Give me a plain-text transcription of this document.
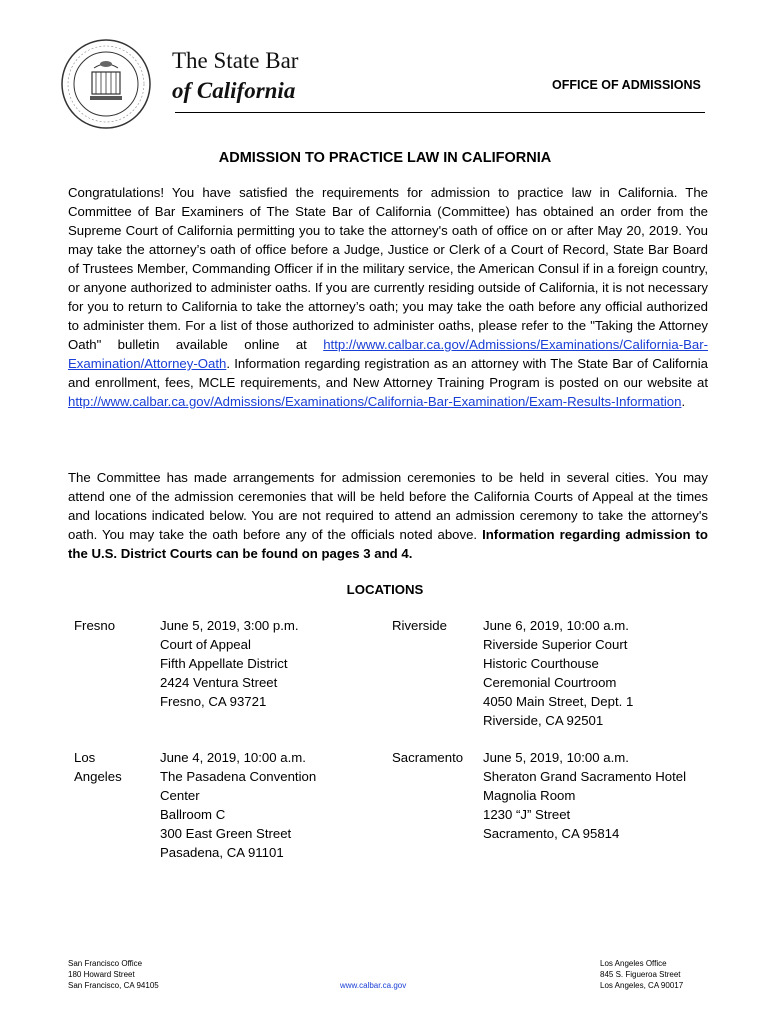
The State Bar
of California	OFFICE OF ADMISSIONS
ADMISSION TO PRACTICE LAW IN CALIFORNIA
Congratulations! You have satisfied the requirements for admission to practice law in California. The Committee of Bar Examiners of The State Bar of California (Committee) has obtained an order from the Supreme Court of California permitting you to take the attorney's oath of office on or after May 20, 2019. You may take the attorney’s oath of office before a Judge, Justice or Clerk of a Court of Record, State Bar Board of Trustees Member, Commanding Officer if in the military service, the American Consul if in a foreign country, or anyone authorized to administer oaths. If you are currently residing outside of California, it is not necessary for you to return to California to take the attorney’s oath; you may take the oath before any official authorized to administer them. For a list of those authorized to administer oaths, please refer to the "Taking the Attorney Oath" bulletin available online at http://www.calbar.ca.gov/Admissions/Examinations/California-Bar-Examination/Attorney-Oath. Information regarding registration as an attorney with The State Bar of California and enrollment, fees, MCLE requirements, and New Attorney Training Program is posted on our website at http://www.calbar.ca.gov/Admissions/Examinations/California-Bar-Examination/Exam-Results-Information.
The Committee has made arrangements for admission ceremonies to be held in several cities. You may attend one of the admission ceremonies that will be held before the California Courts of Appeal at the times and locations indicated below. You are not required to attend an admission ceremony to take the attorney's oath. You may take the oath before any of the officials noted above. Information regarding admission to the U.S. District Courts can be found on pages 3 and 4.
LOCATIONS
Fresno	June 5, 2019, 3:00 p.m.
Court of Appeal
Fifth Appellate District
2424 Ventura Street
Fresno, CA 93721
Riverside	June 6, 2019, 10:00 a.m.
Riverside Superior Court
Historic Courthouse
Ceremonial Courtroom
4050 Main Street, Dept. 1
Riverside, CA 92501
Los
Angeles
June 4, 2019, 10:00 a.m.
The Pasadena Convention
Center
Ballroom C
300 East Green Street
Pasadena, CA 91101
Sacramento June 5, 2019, 10:00 a.m.
Sheraton Grand Sacramento Hotel
Magnolia Room
1230 “J” Street
Sacramento, CA 95814
San Francisco Office
180 Howard Street
San Francisco, CA 94105	www.calbar.ca.gov
Los Angeles Office
845 S. Figueroa Street
Los Angeles, CA 90017
